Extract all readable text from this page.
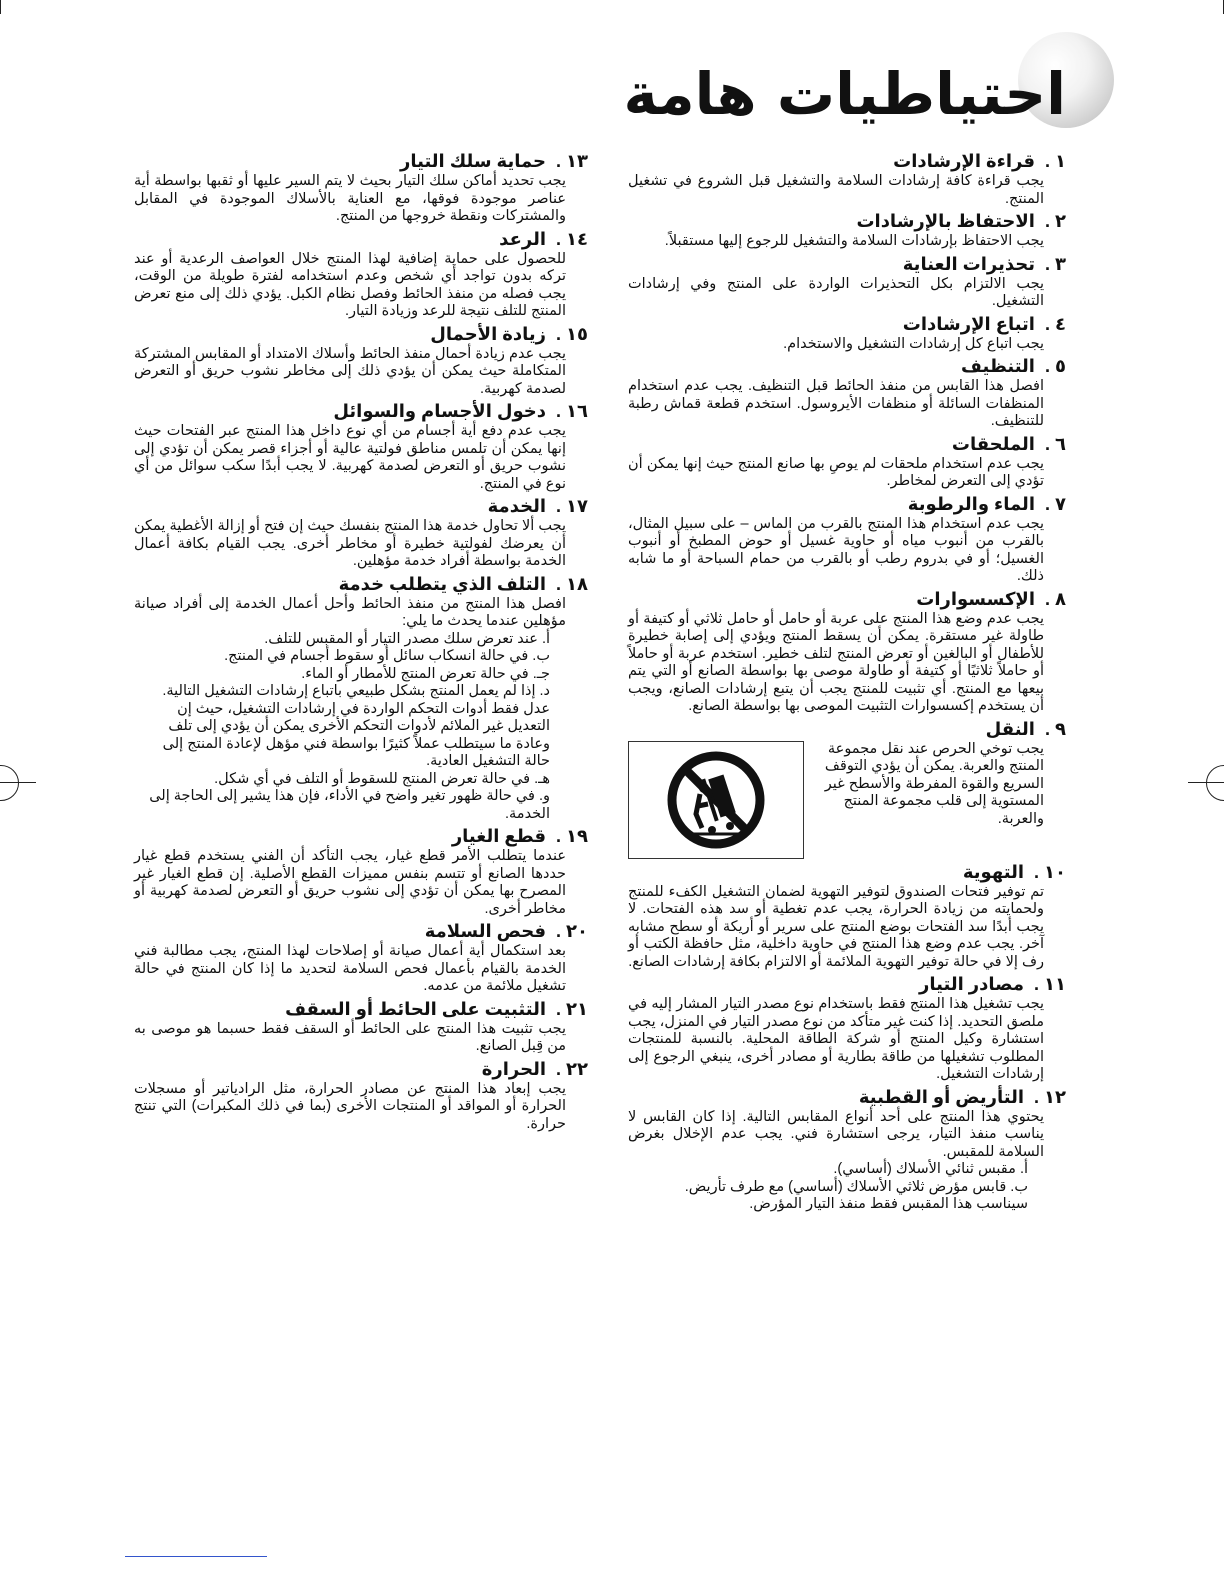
احتياطيات هامة
١ .قراءة الإرشادات
يجب قراءة كافة إرشادات السلامة والتشغيل قبل الشروع في تشغيل المنتج.
٢ .الاحتفاظ بالإرشادات
يجب الاحتفاظ بإرشادات السلامة والتشغيل للرجوع إليها مستقبلاً.
٣ .تحذيرات العناية
يجب الالتزام بكل التحذيرات الواردة على المنتج وفي إرشادات التشغيل.
٤ .اتباع الإرشادات
يجب اتباع كل إرشادات التشغيل والاستخدام.
٥ .التنظيف
افصل هذا القابس من منفذ الحائط قبل التنظيف. يجب عدم استخدام المنظفات السائلة أو منظفات الأيروسول. استخدم قطعة قماش رطبة للتنظيف.
٦ .الملحقات
يجب عدم استخدام ملحقات لم يوصِ بها صانع المنتج حيث إنها يمكن أن تؤدي إلى التعرض لمخاطر.
٧ .الماء والرطوبة
يجب عدم استخدام هذا المنتج بالقرب من الماس – على سبيل المثال، بالقرب من أنبوب مياه أو حاوية غسيل أو حوض المطبخ أو أنبوب الغسيل؛ أو في بدروم رطب أو بالقرب من حمام السباحة أو ما شابه ذلك.
٨ .الإكسسوارات
يجب عدم وضع هذا المنتج على عربة أو حامل أو حامل ثلاثي أو كتيفة أو طاولة غير مستقرة. يمكن أن يسقط المنتج ويؤدي إلى إصابة خطيرة للأطفال أو البالغين أو تعرض المنتج لتلف خطير. استخدم عربة أو حاملاً أو حاملاً ثلاثيًا أو كتيفة أو طاولة موصى بها بواسطة الصانع أو التي يتم بيعها مع المنتج. أي تثبيت للمنتج يجب أن يتبع إرشادات الصانع، ويجب أن يستخدم إكسسوارات التثبيت الموصى بها بواسطة الصانع.
٩ .النقل
يجب توخي الحرص عند نقل مجموعة المنتج والعربة. يمكن أن يؤدي التوقف السريع والقوة المفرطة والأسطح غير المستوية إلى قلب مجموعة المنتج والعربة.
١٠ .التهوية
تم توفير فتحات الصندوق لتوفير التهوية لضمان التشغيل الكفء للمنتج ولحمايته من زيادة الحرارة، يجب عدم تغطية أو سد هذه الفتحات. لا يجب أبدًا سد الفتحات بوضع المنتج على سرير أو أريكة أو سطح مشابه آخر. يجب عدم وضع هذا المنتج في حاوية داخلية، مثل حافظة الكتب أو رف إلا في حالة توفير التهوية الملائمة أو الالتزام بكافة إرشادات الصانع.
١١ .مصادر التيار
يجب تشغيل هذا المنتج فقط باستخدام نوع مصدر التيار المشار إليه في ملصق التحديد. إذا كنت غير متأكد من نوع مصدر التيار في المنزل، يجب استشارة وكيل المنتج أو شركة الطاقة المحلية. بالنسبة للمنتجات المطلوب تشغيلها من طاقة بطارية أو مصادر أخرى، ينبغي الرجوع إلى إرشادات التشغيل.
١٢ .التأريض أو القطبية
يحتوي هذا المنتج على أحد أنواع المقابس التالية. إذا كان القابس لا يناسب منفذ التيار، يرجى استشارة فني. يجب عدم الإخلال بغرض السلامة للمقبس.
أ. مقبس ثنائي الأسلاك (أساسي).
ب. قابس مؤرض ثلاثي الأسلاك (أساسي) مع طرف تأريض.
سيناسب هذا المقبس فقط منفذ التيار المؤرض.
١٣ .حماية سلك التيار
يجب تحديد أماكن سلك التيار بحيث لا يتم السير عليها أو ثقبها بواسطة أية عناصر موجودة فوقها، مع العناية بالأسلاك الموجودة في المقابل والمشتركات ونقطة خروجها من المنتج.
١٤ .الرعد
للحصول على حماية إضافية لهذا المنتج خلال العواصف الرعدية أو عند تركه بدون تواجد أي شخص وعدم استخدامه لفترة طويلة من الوقت، يجب فصله من منفذ الحائط وفصل نظام الكبل. يؤدي ذلك إلى منع تعرض المنتج للتلف نتيجة للرعد وزيادة التيار.
١٥ .زيادة الأحمال
يجب عدم زيادة أحمال منفذ الحائط وأسلاك الامتداد أو المقابس المشتركة المتكاملة حيث يمكن أن يؤدي ذلك إلى مخاطر نشوب حريق أو التعرض لصدمة كهربية.
١٦ .دخول الأجسام والسوائل
يجب عدم دفع أية أجسام من أي نوع داخل هذا المنتج عبر الفتحات حيث إنها يمكن أن تلمس مناطق فولتية عالية أو أجزاء قصر يمكن أن تؤدي إلى نشوب حريق أو التعرض لصدمة كهربية. لا يجب أبدًا سكب سوائل من أي نوع في المنتج.
١٧ .الخدمة
يجب ألا تحاول خدمة هذا المنتج بنفسك حيث إن فتح أو إزالة الأغطية يمكن أن يعرضك لفولتية خطيرة أو مخاطر أخرى. يجب القيام بكافة أعمال الخدمة بواسطة أفراد خدمة مؤهلين.
١٨ .التلف الذي يتطلب خدمة
افصل هذا المنتج من منفذ الحائط وأحل أعمال الخدمة إلى أفراد صيانة مؤهلين عندما يحدث ما يلي:
أ. عند تعرض سلك مصدر التيار أو المقبس للتلف.
ب. في حالة انسكاب سائل أو سقوط أجسام في المنتج.
جـ. في حالة تعرض المنتج للأمطار أو الماء.
د. إذا لم يعمل المنتج بشكل طبيعي باتباع إرشادات التشغيل التالية. عدل فقط أدوات التحكم الواردة في إرشادات التشغيل، حيث إن التعديل غير الملائم لأدوات التحكم الأخرى يمكن أن يؤدي إلى تلف وعادة ما سيتطلب عملاً كثيرًا بواسطة فني مؤهل لإعادة المنتج إلى حالة التشغيل العادية.
هـ. في حالة تعرض المنتج للسقوط أو التلف في أي شكل.
و. في حالة ظهور تغير واضح في الأداء، فإن هذا يشير إلى الحاجة إلى الخدمة.
١٩ .قطع الغيار
عندما يتطلب الأمر قطع غيار، يجب التأكد أن الفني يستخدم قطع غيار حددها الصانع أو تتسم بنفس مميزات القطع الأصلية. إن قطع الغيار غير المصرح بها يمكن أن تؤدي إلى نشوب حريق أو التعرض لصدمة كهربية أو مخاطر أخرى.
٢٠ .فحص السلامة
بعد استكمال أية أعمال صيانة أو إصلاحات لهذا المنتج، يجب مطالبة فني الخدمة بالقيام بأعمال فحص السلامة لتحديد ما إذا كان المنتج في حالة تشغيل ملائمة من عدمه.
٢١ .التثبيت على الحائط أو السقف
يجب تثبيت هذا المنتج على الحائط أو السقف فقط حسبما هو موصى به من قِبل الصانع.
٢٢ .الحرارة
يجب إبعاد هذا المنتج عن مصادر الحرارة، مثل الرادياتير أو مسجلات الحرارة أو المواقد أو المنتجات الأخرى (بما في ذلك المكبرات) التي تنتج حرارة.
